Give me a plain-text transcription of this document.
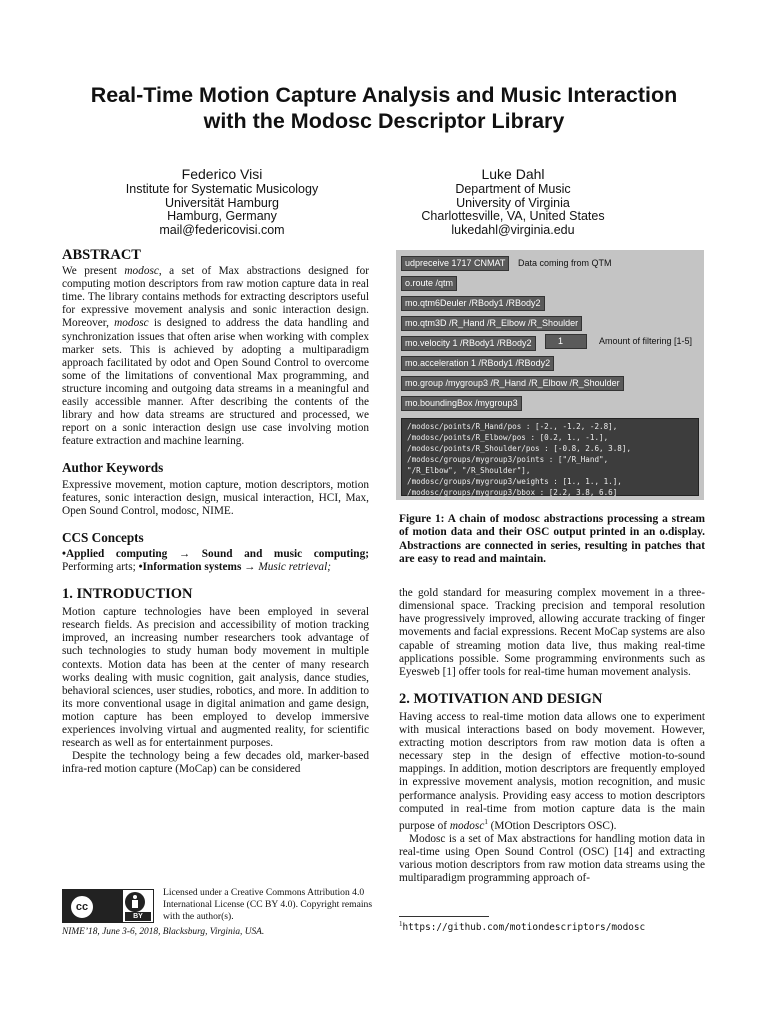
Real-Time Motion Capture Analysis and Music Interaction
with the Modosc Descriptor Library
Federico Visi
Institute for Systematic Musicology
Universität Hamburg
Hamburg, Germany
mail@federicovisi.com
Luke Dahl
Department of Music
University of Virginia
Charlottesville, VA, United States
lukedahl@virginia.edu
ABSTRACT

We present modosc, a set of Max abstractions designed for computing motion descriptors from raw motion capture data in real time. The library contains methods for extracting descriptors useful for expressive movement analysis and sonic interaction design. Moreover, modosc is designed to address the data handling and synchronization issues that often arise when working with complex marker sets. This is achieved by adopting a multiparadigm approach facilitated by odot and Open Sound Control to overcome some of the limitations of conventional Max programming, and structure incoming and outgoing data streams in a meaningful and easily accessible manner. After describing the contents of the library and how data streams are structured and processed, we report on a sonic interaction design use case involving motion feature extraction and machine learning.

Author Keywords

Expressive movement, motion capture, motion descriptors, motion features, sonic interaction design, musical interaction, HCI, Max, Open Sound Control, modosc, NIME.

CCS Concepts

•Applied computing → Sound and music computing; Performing arts; •Information systems → Music retrieval;

1. INTRODUCTION

Motion capture technologies have been employed in several research fields. As precision and accessibility of motion tracking improved, an increasing number researchers took advantage of such technologies to study human body movement in multiple contexts. Motion data has been at the center of many research works dealing with music cognition, gait analysis, dance studies, behavioral sciences, user studies, robotics, and more. In addition to its more conventional usage in digital animation and game design, motion capture has been employed to develop immersive experiences involving virtual and augmented reality, for scientific research as well as for entertainment purposes.

Despite the technology being a few decades old, marker-based infra-red motion capture (MoCap) can be considered

udpreceive 1717 CNMAT	Data coming from QTM
o.route /qtm
mo.qtm6Deuler /RBody1 /RBody2
mo.qtm3D /R_Hand /R_Elbow /R_Shoulder
mo.velocity 1 /RBody1 /RBody2	1	Amount of filtering [1-5]
mo.acceleration 1 /RBody1 /RBody2
mo.group /mygroup3 /R_Hand /R_Elbow /R_Shoulder
mo.boundingBox /mygroup3
/modosc/points/R_Hand/pos : [-2., -1.2, -2.8],
/modosc/points/R_Elbow/pos : [0.2, 1., -1.],
/modosc/points/R_Shoulder/pos : [-0.8, 2.6, 3.8],
/modosc/groups/mygroup3/points : ["/R_Hand",
"/R_Elbow", "/R_Shoulder"],
/modosc/groups/mygroup3/weights : [1., 1., 1.],
/modosc/groups/mygroup3/bbox : [2.2, 3.8, 6.6]

Figure 1: A chain of modosc abstractions processing a stream of motion data and their OSC output printed in an o.display. Abstractions are connected in series, resulting in patches that are easy to read and maintain.

the gold standard for measuring complex movement in a three-dimensional space. Tracking precision and temporal resolution have progressively improved, allowing accurate tracking of finger movements and facial expressions. Recent MoCap systems are also capable of streaming motion data live, thus making real-time applications possible. Some programming environments such as Eyesweb [1] offer tools for real-time human movement analysis.

2. MOTIVATION AND DESIGN

Having access to real-time motion data allows one to experiment with musical interactions based on body movement. However, extracting motion descriptors from raw motion data is often a necessary step in the design of effective motion-to-sound mappings. In addition, motion descriptors are frequently employed in expressive movement analysis, motion recognition, and music performance analysis. Providing easy access to motion descriptors computed in real-time from motion capture data is the main purpose of modosc$^1$ (MOtion Descriptors OSC).

Modosc is a set of Max abstractions for handling motion data in real-time using Open Sound Control (OSC) [14] and extracting various motion descriptors from raw motion data streams using the multiparadigm programming approach of-

cc
BY
Licensed under a Creative Commons Attribution 4.0 International License (CC BY 4.0). Copyright remains with the author(s).
NIME’18, June 3-6, 2018, Blacksburg, Virginia, USA.
$^1$https://github.com/motiondescriptors/modosc
